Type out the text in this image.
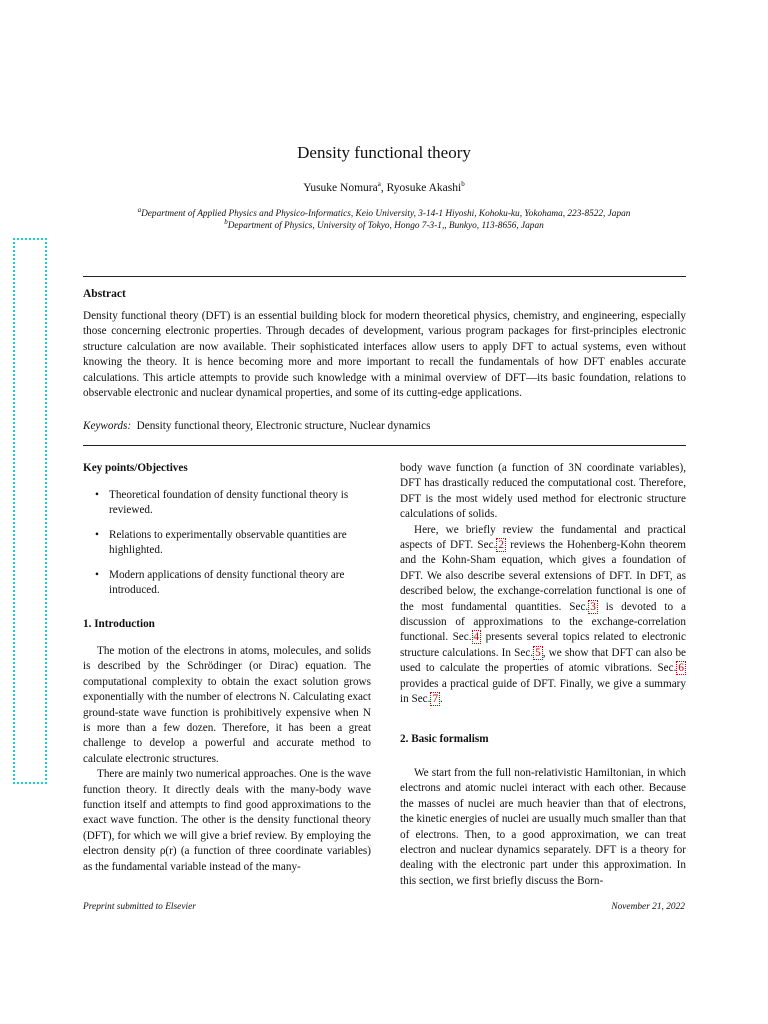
Density functional theory
Yusuke Nomura$^a$, Ryosuke Akashi$^b$
$^a$Department of Applied Physics and Physico-Informatics, Keio University, 3-14-1 Hiyoshi, Kohoku-ku, Yokohama, 223-8522, Japan
$^b$Department of Physics, University of Tokyo, Hongo 7-3-1,, Bunkyo, 113-8656, Japan
Abstract
Density functional theory (DFT) is an essential building block for modern theoretical physics, chemistry, and engineering, especially those concerning electronic properties. Through decades of development, various program packages for first-principles electronic structure calculation are now available. Their sophisticated interfaces allow users to apply DFT to actual systems, even without knowing the theory. It is hence becoming more and more important to recall the fundamentals of how DFT enables accurate calculations. This article attempts to provide such knowledge with a minimal overview of DFT—its basic foundation, relations to observable electronic and nuclear dynamical properties, and some of its cutting-edge applications.
Keywords: Density functional theory, Electronic structure, Nuclear dynamics
Key points/Objectives
• Theoretical foundation of density functional theory is reviewed.
• Relations to experimentally observable quantities are highlighted.
• Modern applications of density functional theory are introduced.
1. Introduction

The motion of the electrons in atoms, molecules, and solids is described by the Schrödinger (or Dirac) equation. The computational complexity to obtain the exact solution grows exponentially with the number of electrons N. Calculating exact ground-state wave function is prohibitively expensive when N is more than a few dozen. Therefore, it has been a great challenge to develop a powerful and accurate method to calculate electronic structures.

There are mainly two numerical approaches. One is the wave function theory. It directly deals with the many-body wave function itself and attempts to find good approximations to the exact wave function. The other is the density functional theory (DFT), for which we will give a brief review. By employing the electron density ρ(r) (a function of three coordinate variables) as the fundamental variable instead of the many-

body wave function (a function of 3N coordinate variables), DFT has drastically reduced the computational cost. Therefore, DFT is the most widely used method for electronic structure calculations of solids.

Here, we briefly review the fundamental and practical aspects of DFT. Sec. 2 reviews the Hohenberg-Kohn theorem and the Kohn-Sham equation, which gives a foundation of DFT. We also describe several extensions of DFT. In DFT, as described below, the exchange-correlation functional is one of the most fundamental quantities. Sec. 3 is devoted to a discussion of approximations to the exchange-correlation functional. Sec. 4 presents several topics related to electronic structure calculations. In Sec. 5 , we show that DFT can also be used to calculate the properties of atomic vibrations. Sec. 6 provides a practical guide of DFT. Finally, we give a summary in Sec. 7 .

2. Basic formalism

We start from the full non-relativistic Hamiltonian, in which electrons and atomic nuclei interact with each other. Because the masses of nuclei are much heavier than that of electrons, the kinetic energies of nuclei are usually much smaller than that of electrons. Then, to a good approximation, we can treat electron and nuclear dynamics separately. DFT is a theory for dealing with the electronic part under this approximation. In this section, we first briefly discuss the Born-

Preprint submitted to Elsevier	November 21, 2022
